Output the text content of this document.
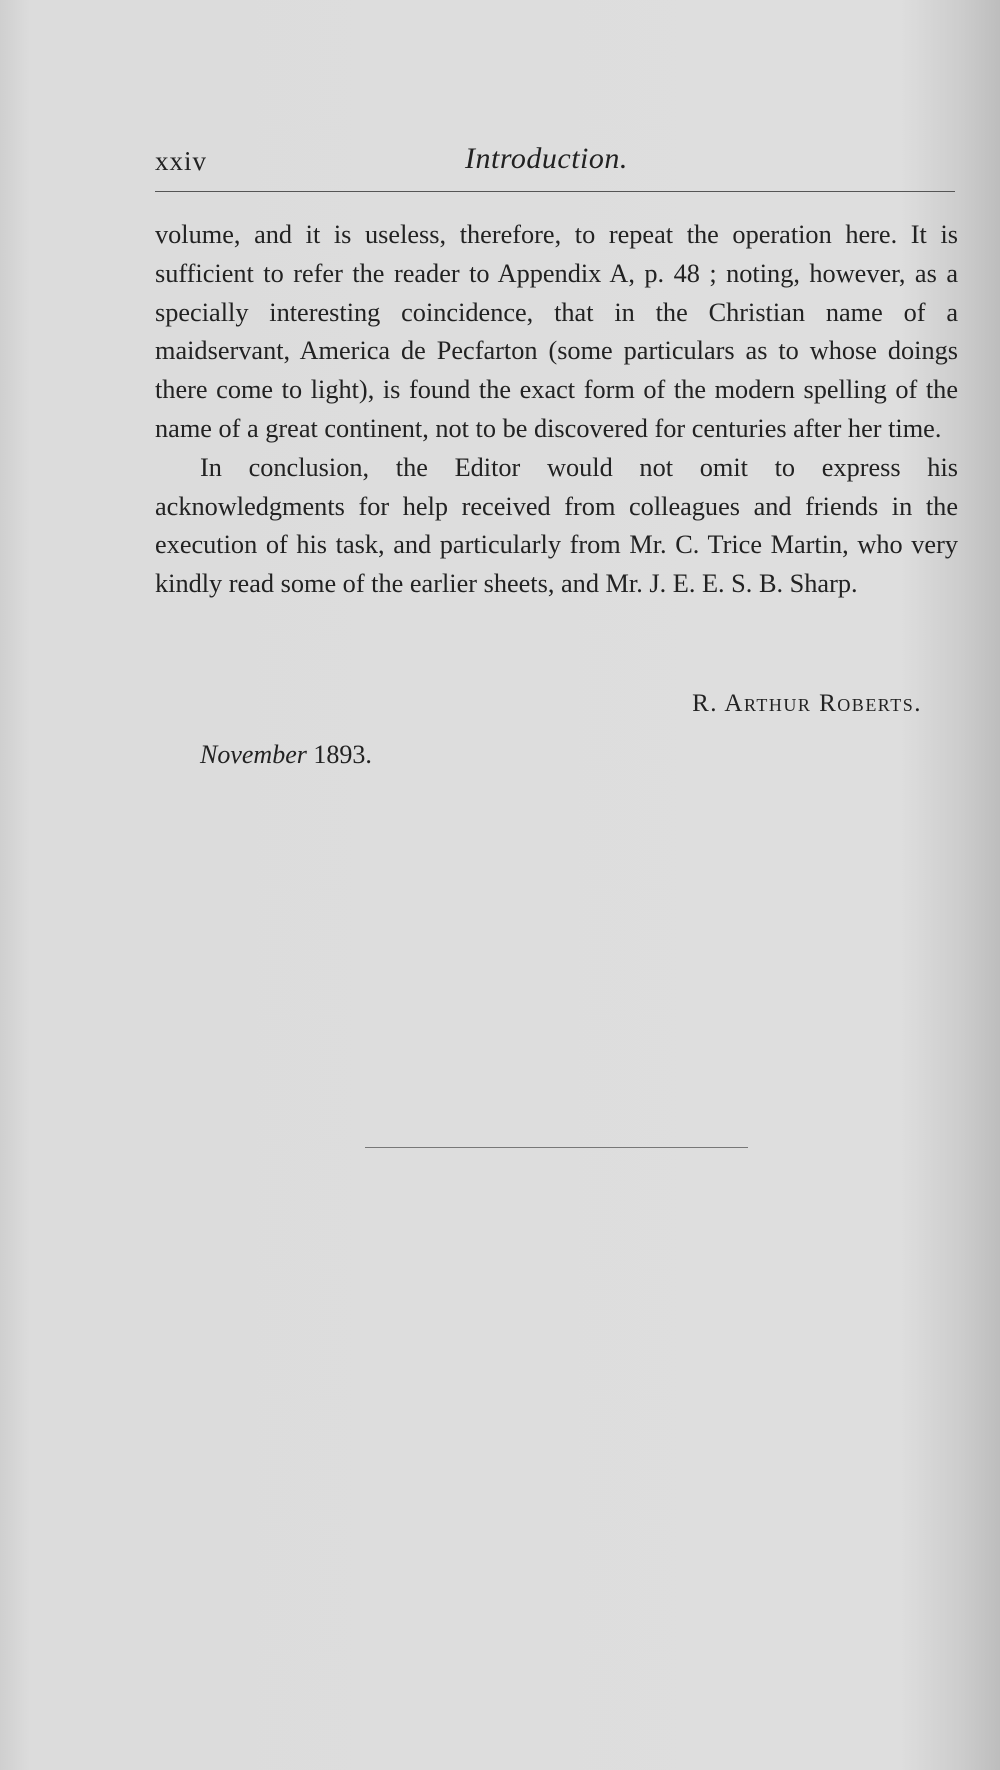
xxiv	Introduction.

volume, and it is useless, therefore, to repeat the operation here. It is sufficient to refer the reader to Appendix A, p. 48 ; noting, however, as a specially interesting coincidence, that in the Christian name of a maidservant, America de Pecfarton (some particulars as to whose doings there come to light), is found the exact form of the modern spelling of the name of a great continent, not to be discovered for centuries after her time.

In conclusion, the Editor would not omit to express his acknowledgments for help received from colleagues and friends in the execution of his task, and particularly from Mr. C. Trice Martin, who very kindly read some of the earlier sheets, and Mr. J. E. E. S. B. Sharp.

R. Arthur Roberts.
November 1893.
